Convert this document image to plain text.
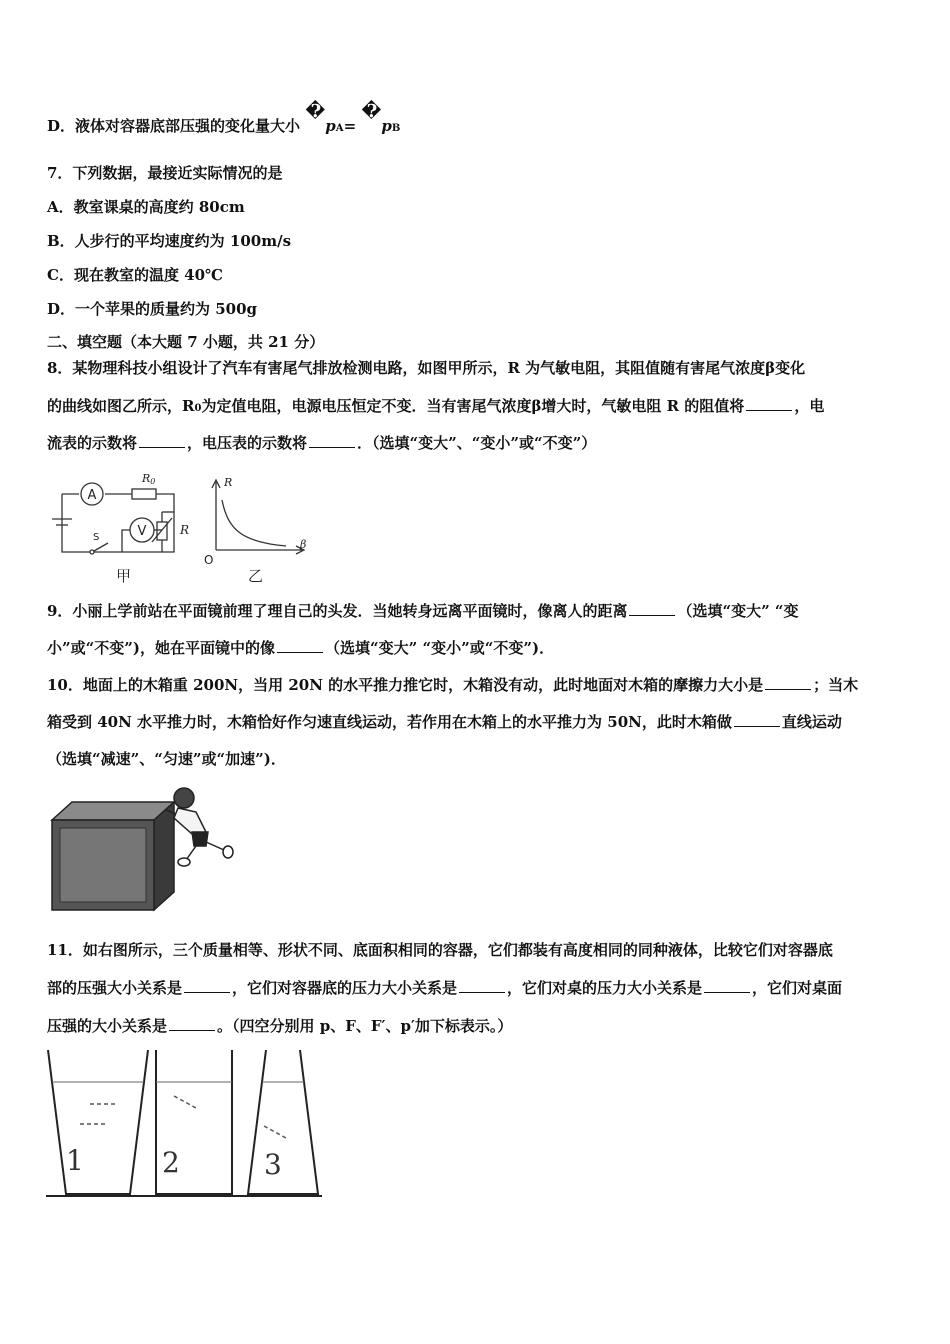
D．液体对容器底部压强的变化量大小 �pA= �pB
7．下列数据，最接近实际情况的是
A．教室课桌的高度约 80cm
B．人步行的平均速度约为 100m/s
C．现在教室的温度 40℃
D．一个苹果的质量约为 500g
二、填空题（本大题 7 小题，共 21 分）
8．某物理科技小组设计了汽车有害尾气排放检测电路，如图甲所示，R 为气敏电阻，其阻值随有害尾气浓度β变化
的曲线如图乙所示，R0为定值电阻，电源电压恒定不变．当有害尾气浓度β增大时，气敏电阻 R 的阻值将	，电
流表的示数将	，电压表的示数将	．（选填“变大”、“变小”或“不变”）
A
R0
V	R
S
甲
R
β
O
乙
9．小丽上学前站在平面镜前理了理自己的头发．当她转身远离平面镜时，像离人的距离	（选填“变大” “变
小”或“不变”)，她在平面镜中的像	（选填“变大” “变小”或“不变”)．
10．地面上的木箱重 200N，当用 20N 的水平推力推它时，木箱没有动，此时地面对木箱的摩擦力大小是	；当木
箱受到 40N 水平推力时，木箱恰好作匀速直线运动，若作用在木箱上的水平推力为 50N，此时木箱做	直线运动
（选填“减速”、“匀速”或“加速”)．
11．如右图所示，三个质量相等、形状不同、底面积相同的容器，它们都装有高度相同的同种液体，比较它们对容器底
部的压强大小关系是	，它们对容器底的压力大小关系是	，它们对桌的压力大小关系是	，它们对桌面
压强的大小关系是	。（四空分别用 p、F、F′、p′加下标表示。）
1	2	3
